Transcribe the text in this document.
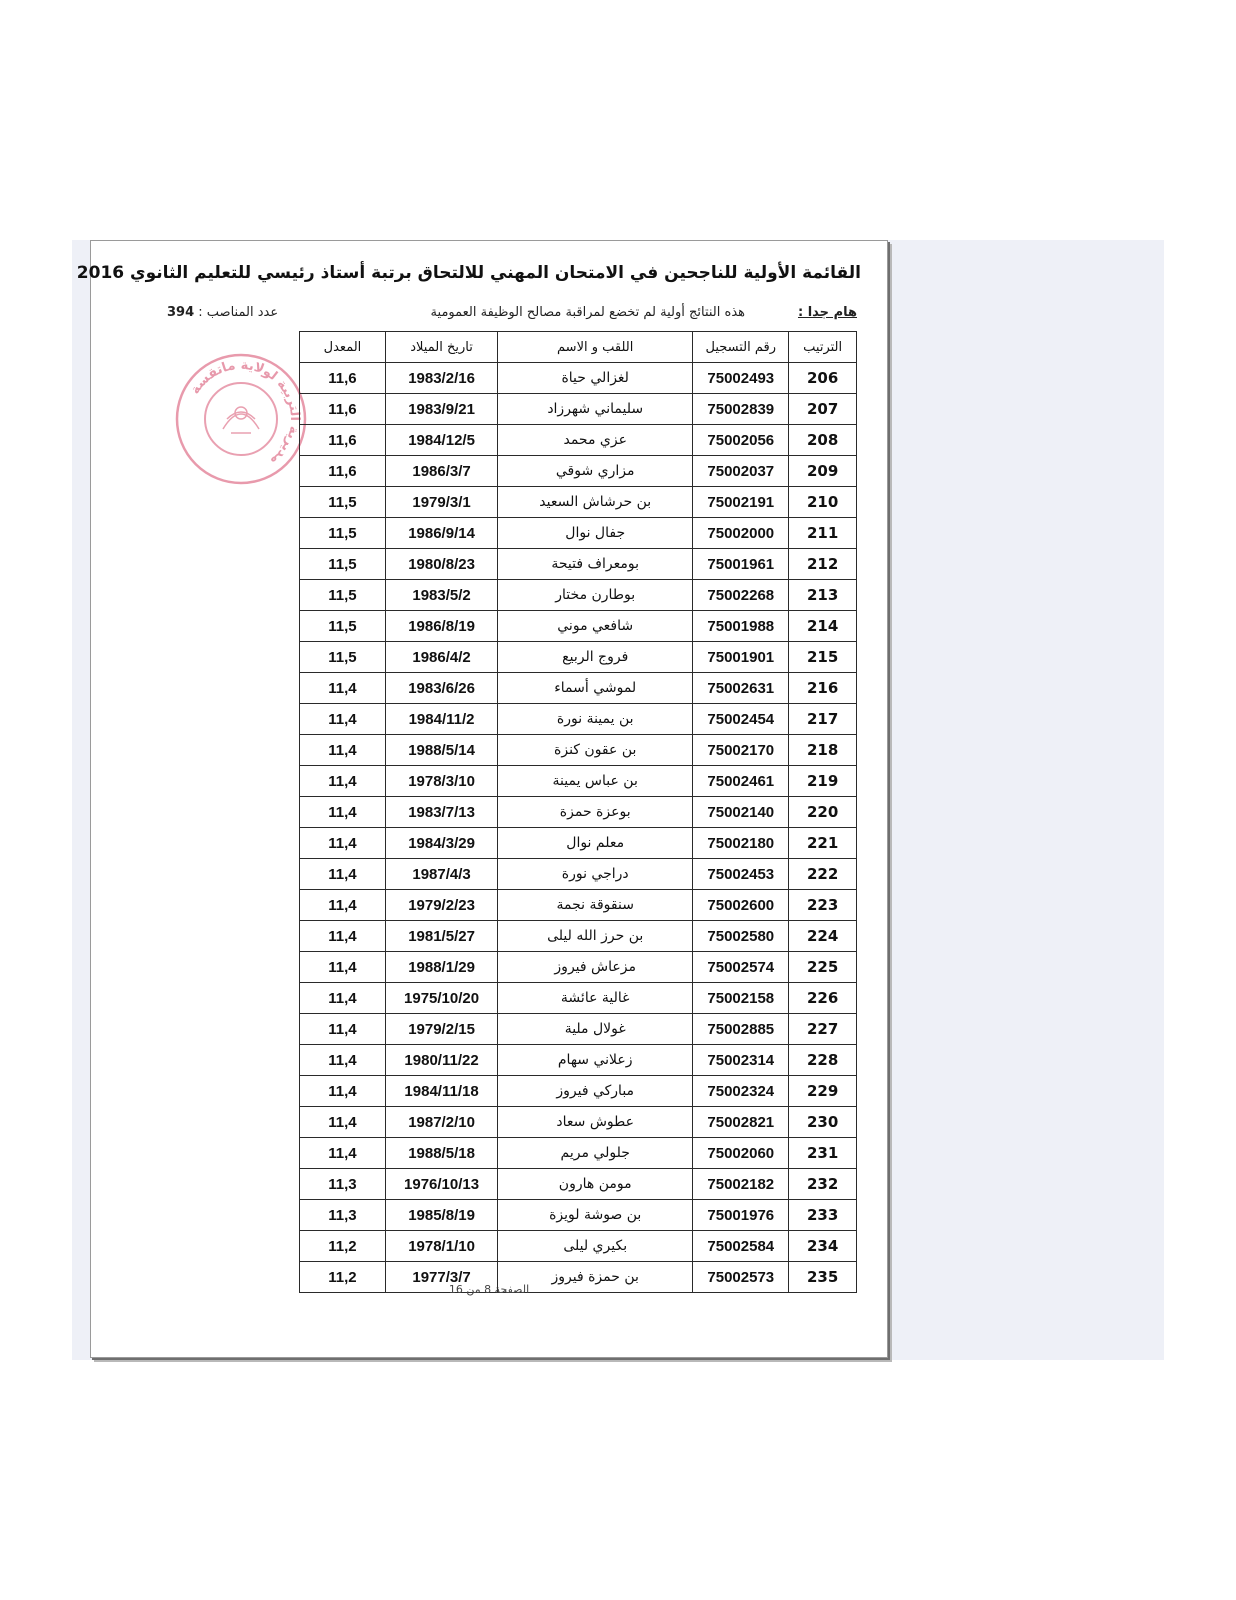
القائمة الأولية للناجحين في الامتحان المهني للالتحاق برتبة أستاذ رئيسي للتعليم الثانوي 2016
هام جدا :
هذه النتائج أولية لم تخضع لمراقبة مصالح الوظيفة العمومية
عدد المناصب : 394
مديرية التربية لولاية ماتقسة
الترتيب	رقم التسجيل	اللقب و الاسم	تاريخ الميلاد	المعدل
206	75002493	لغزالي حياة	1983/2/16	11,6
207	75002839	سليماني شهرزاد	1983/9/21	11,6
208	75002056	عزي محمد	1984/12/5	11,6
209	75002037	مزاري شوقي	1986/3/7	11,6
210	75002191	بن حرشاش السعيد	1979/3/1	11,5
211	75002000	جفال نوال	1986/9/14	11,5
212	75001961	بومعراف فتيحة	1980/8/23	11,5
213	75002268	بوطارن مختار	1983/5/2	11,5
214	75001988	شافعي موني	1986/8/19	11,5
215	75001901	فروج الربيع	1986/4/2	11,5
216	75002631	لموشي أسماء	1983/6/26	11,4
217	75002454	بن يمينة نورة	1984/11/2	11,4
218	75002170	بن عقون كنزة	1988/5/14	11,4
219	75002461	بن عباس يمينة	1978/3/10	11,4
220	75002140	بوعزة حمزة	1983/7/13	11,4
221	75002180	معلم نوال	1984/3/29	11,4
222	75002453	دراجي نورة	1987/4/3	11,4
223	75002600	سنقوقة نجمة	1979/2/23	11,4
224	75002580	بن حرز الله ليلى	1981/5/27	11,4
225	75002574	مزعاش فيروز	1988/1/29	11,4
226	75002158	غالية عائشة	1975/10/20	11,4
227	75002885	غولال ملية	1979/2/15	11,4
228	75002314	زعلاني سهام	1980/11/22	11,4
229	75002324	مباركي فيروز	1984/11/18	11,4
230	75002821	عطوش سعاد	1987/2/10	11,4
231	75002060	جلولي مريم	1988/5/18	11,4
232	75002182	مومن هارون	1976/10/13	11,3
233	75001976	بن صوشة لويزة	1985/8/19	11,3
234	75002584	بكيري ليلى	1978/1/10	11,2
235	75002573	بن حمزة فيروز	1977/3/7	11,2
الصفحة 8 من 16
